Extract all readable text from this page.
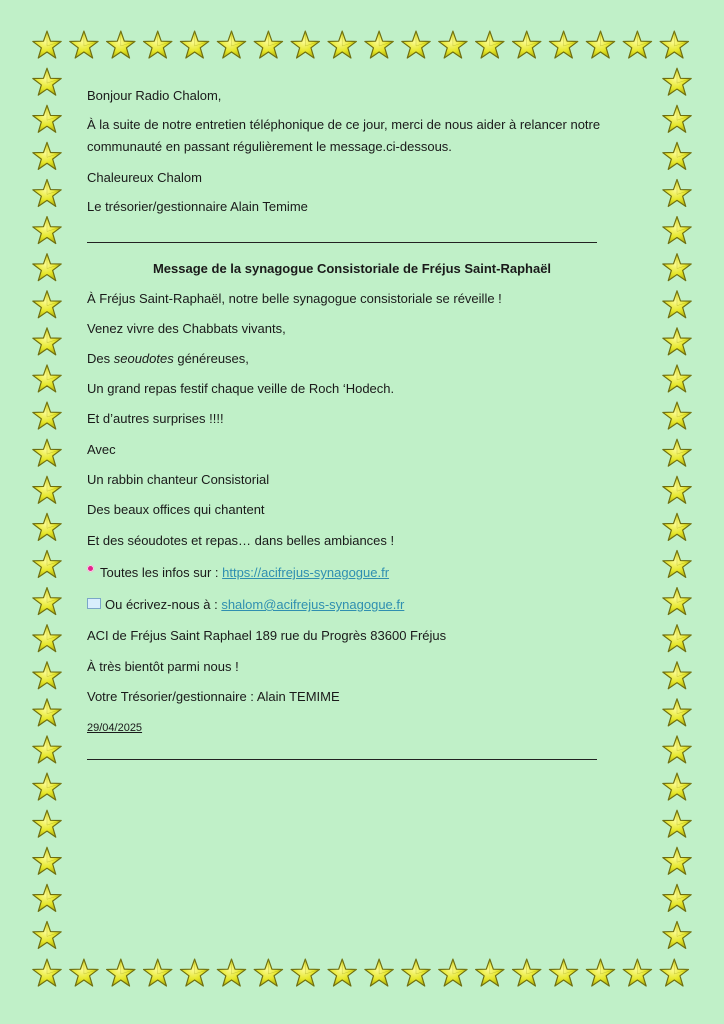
Bonjour Radio Chalom,

À la suite de notre entretien téléphonique de ce jour, merci de nous aider à relancer notre communauté en passant régulièrement le message.ci-dessous.

Chaleureux Chalom

Le trésorier/gestionnaire Alain Temime

Message de la synagogue Consistoriale de Fréjus Saint-Raphaël

À Fréjus Saint-Raphaël, notre belle synagogue consistoriale se réveille !

Venez vivre des Chabbats vivants,

Des seoudotes généreuses,

Un grand repas festif chaque veille de Roch ‘Hodech.

Et d’autres surprises !!!!

Avec

Un rabbin chanteur Consistorial

Des beaux offices qui chantent

Et des séoudotes et repas… dans belles ambiances !

Toutes les infos sur : https://acifrejus-synagogue.fr

Ou écrivez-nous à : shalom@acifrejus-synagogue.fr

ACI de Fréjus Saint Raphael 189 rue du Progrès 83600 Fréjus

À très bientôt parmi nous !

Votre Trésorier/gestionnaire : Alain TEMIME

29/04/2025
